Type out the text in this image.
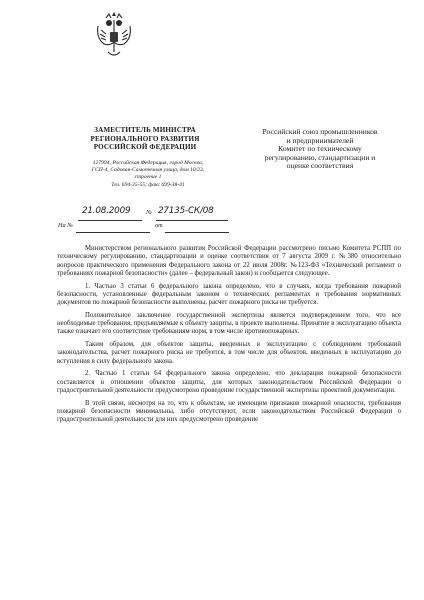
ЗАМЕСТИТЕЛЬ МИНИСТРА
РЕГИОНАЛЬНОГО РАЗВИТИЯ
РОССИЙСКОЙ ФЕДЕРАЦИИ
127994, Российская Федерация, город Москва,
ГСП-4, Садовая-Самотечная улица, дом 10/23,
строение 1
Тел. 694-35-55; факс 699-38-41
Российский союз промышленников
и предпринимателей
Комитет по техническому
регулированию, стандартизации и
оценке соответствия
21.08.2009	№ 27135-СК/08
На №	от

Министерством регионального развития Российской Федерации рассмотрено письмо Комитета РСПП по техническому регулированию, стандартизации и оценке соответствия от 7 августа 2009 г. №380 относительно вопросов практического применения Федерального закона от 22 июля 2008г. №123-ФЗ «Технический регламент о требованиях пожарной безопасности» (далее – федеральный закон) и сообщается следующее.

1. Частью 3 статьи 6 федерального закона определено, что в случаях, когда требования пожарной безопасности, установленные федеральным законом о технических регламентах и требования нормативных документов по пожарной безопасности выполнены, расчет пожарного риска не требуется.

Положительное заключение государственной экспертизы является подтверждением того, что все необходимые требования, предъявляемые к объекту защиты, в проекте выполнены. Принятие в эксплуатацию объекта также означает его соответствие требованиям норм, в том числе противопожарных.

Таким образом, для объектов защиты, введенных в эксплуатацию с соблюдением требований законодательства, расчет пожарного риска не требуется, в том числе для объектов, введенных в эксплуатацию до вступления в силу федерального закона.

2. Частью 1 статьи 64 федерального закона определено, что декларация пожарной безопасности составляется в отношении объектов защиты, для которых законодательством Российской Федерации о градостроительной деятельности предусмотрено проведение государственной экспертизы проектной документации.

В этой связи, несмотря на то, что к объектам, не имеющим признаков пожарной опасности, требования пожарной безопасности минимальны, либо отсутствуют, если законодательством Российской Федерации о градостроительной деятельности для них предусмотрено проведение
